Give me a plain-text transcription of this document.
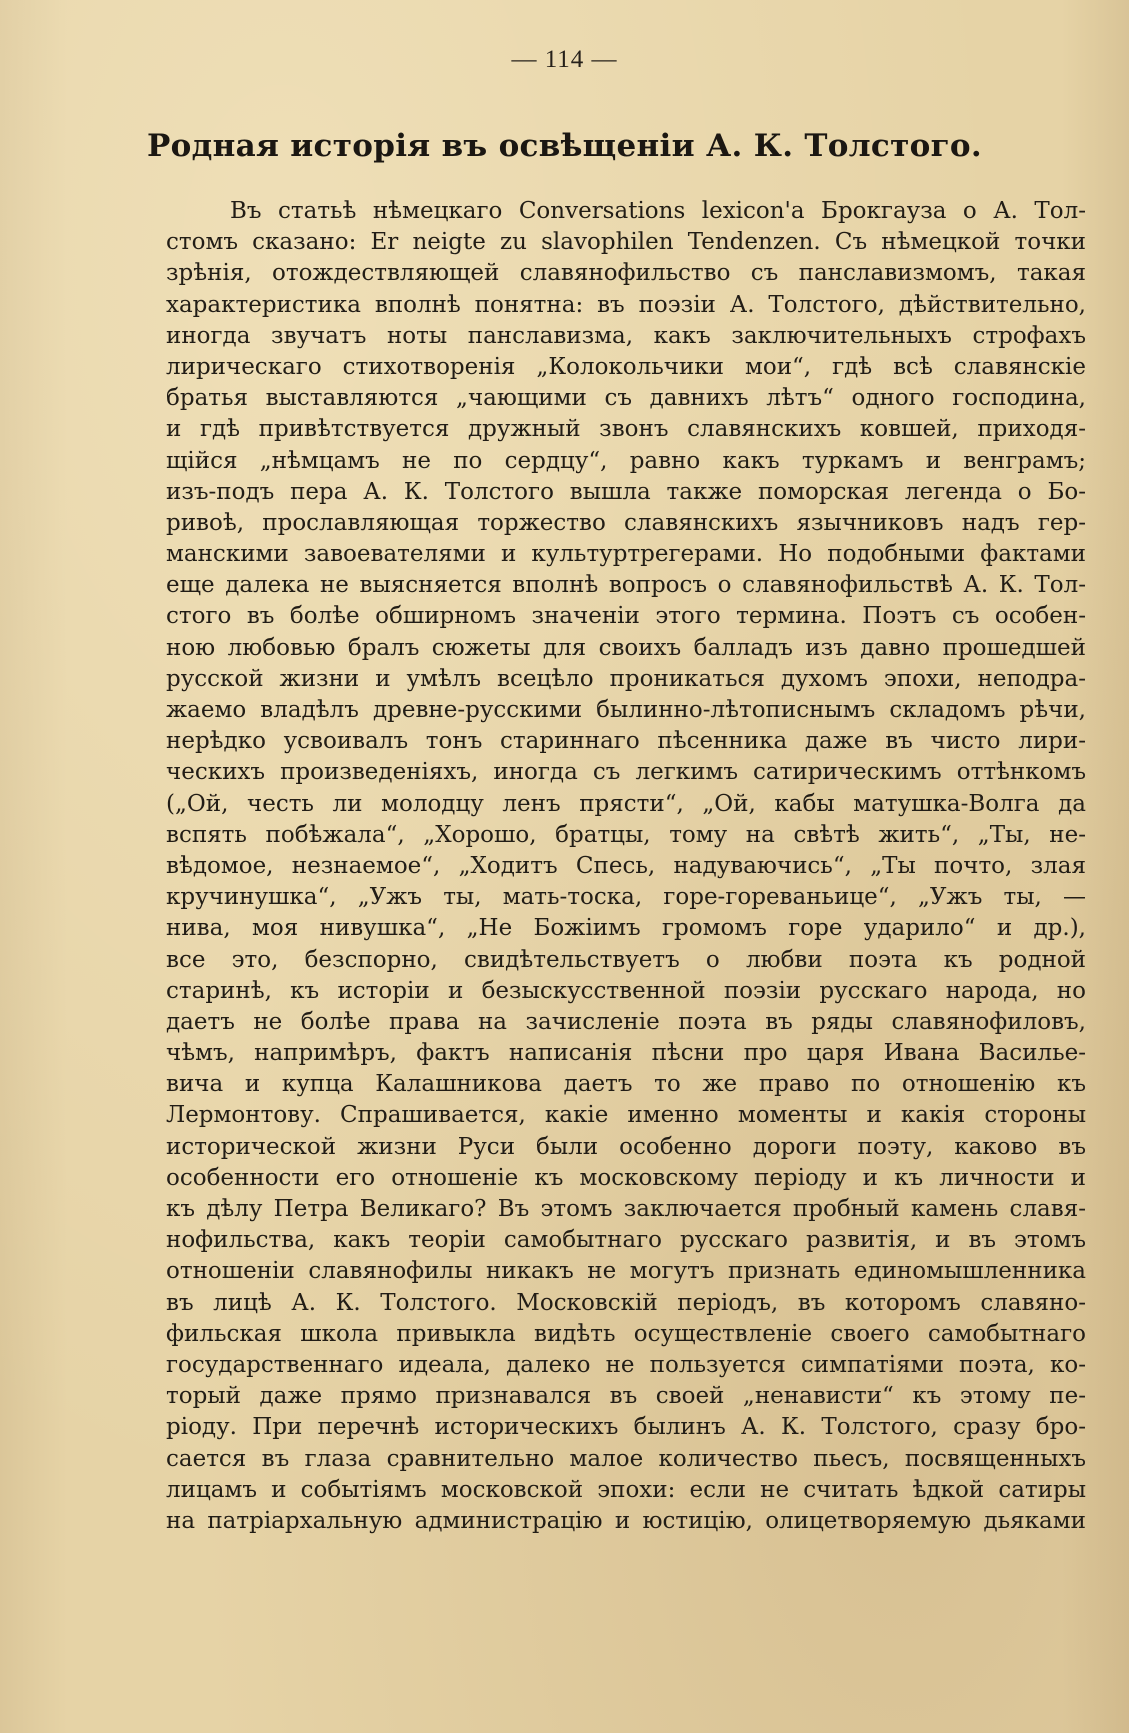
— 114 —
Родная исторія въ освѣщеніи А. К. Толстого.
Въ статьѣ нѣмецкаго Conversations lexicon'а Брокгауза о А. Тол-
стомъ сказано: Er neigte zu slavophilen Tendenzen. Съ нѣмецкой точки
зрѣнія, отождествляющей славянофильство съ панславизмомъ, такая
характеристика вполнѣ понятна: въ поэзіи А. Толстого, дѣйствительно,
иногда звучатъ ноты панславизма, какъ заключительныхъ строфахъ
лирическаго стихотворенія „Колокольчики мои“, гдѣ всѣ славянскіе
братья выставляются „чающими съ давнихъ лѣтъ“ одного господина,
и гдѣ привѣтствуется дружный звонъ славянскихъ ковшей, приходя-
щійся „нѣмцамъ не по сердцу“, равно какъ туркамъ и венграмъ;
изъ-подъ пера А. К. Толстого вышла также поморская легенда о Бо-
ривоѣ, прославляющая торжество славянскихъ язычниковъ надъ гер-
манскими завоевателями и культуртрегерами. Но подобными фактами
еще далека не выясняется вполнѣ вопросъ о славянофильствѣ А. К. Тол-
стого въ болѣе обширномъ значеніи этого термина. Поэтъ съ особен-
ною любовью бралъ сюжеты для своихъ балладъ изъ давно прошедшей
русской жизни и умѣлъ всецѣло проникаться духомъ эпохи, неподра-
жаемо владѣлъ древне-русскими былинно-лѣтописнымъ складомъ рѣчи,
нерѣдко усвоивалъ тонъ стариннаго пѣсенника даже въ чисто лири-
ческихъ произведеніяхъ, иногда съ легкимъ сатирическимъ оттѣнкомъ
(„Ой, честь ли молодцу ленъ прясти“, „Ой, кабы матушка-Волга да
вспять побѣжала“, „Хорошо, братцы, тому на свѣтѣ жить“, „Ты, не-
вѣдомое, незнаемое“, „Ходитъ Спесь, надуваючись“, „Ты почто, злая
кручинушка“, „Ужъ ты, мать-тоска, горе-гореваньице“, „Ужъ ты, —
нива, моя нивушка“, „Не Божіимъ громомъ горе ударило“ и др.),
все это, безспорно, свидѣтельствуетъ о любви поэта къ родной
старинѣ, къ исторіи и безыскусственной поэзіи русскаго народа, но
даетъ не болѣе права на зачисленіе поэта въ ряды славянофиловъ,
чѣмъ, напримѣръ, фактъ написанія пѣсни про царя Ивана Василье-
вича и купца Калашникова даетъ то же право по отношенію къ
Лермонтову. Спрашивается, какіе именно моменты и какія стороны
исторической жизни Руси были особенно дороги поэту, каково въ
особенности его отношеніе къ московскому періоду и къ личности и
къ дѣлу Петра Великаго? Въ этомъ заключается пробный камень славя-
нофильства, какъ теоріи самобытнаго русскаго развитія, и въ этомъ
отношеніи славянофилы никакъ не могутъ признать единомышленника
въ лицѣ А. К. Толстого. Московскій періодъ, въ которомъ славяно-
фильская школа привыкла видѣть осуществленіе своего самобытнаго
государственнаго идеала, далеко не пользуется симпатіями поэта, ко-
торый даже прямо признавался въ своей „ненависти“ къ этому пе-
ріоду. При перечнѣ историческихъ былинъ А. К. Толстого, сразу бро-
сается въ глаза сравнительно малое количество пьесъ, посвященныхъ
лицамъ и событіямъ московской эпохи: если не считать ѣдкой сатиры
на патріархальную администрацію и юстицію, олицетворяемую дьяками
